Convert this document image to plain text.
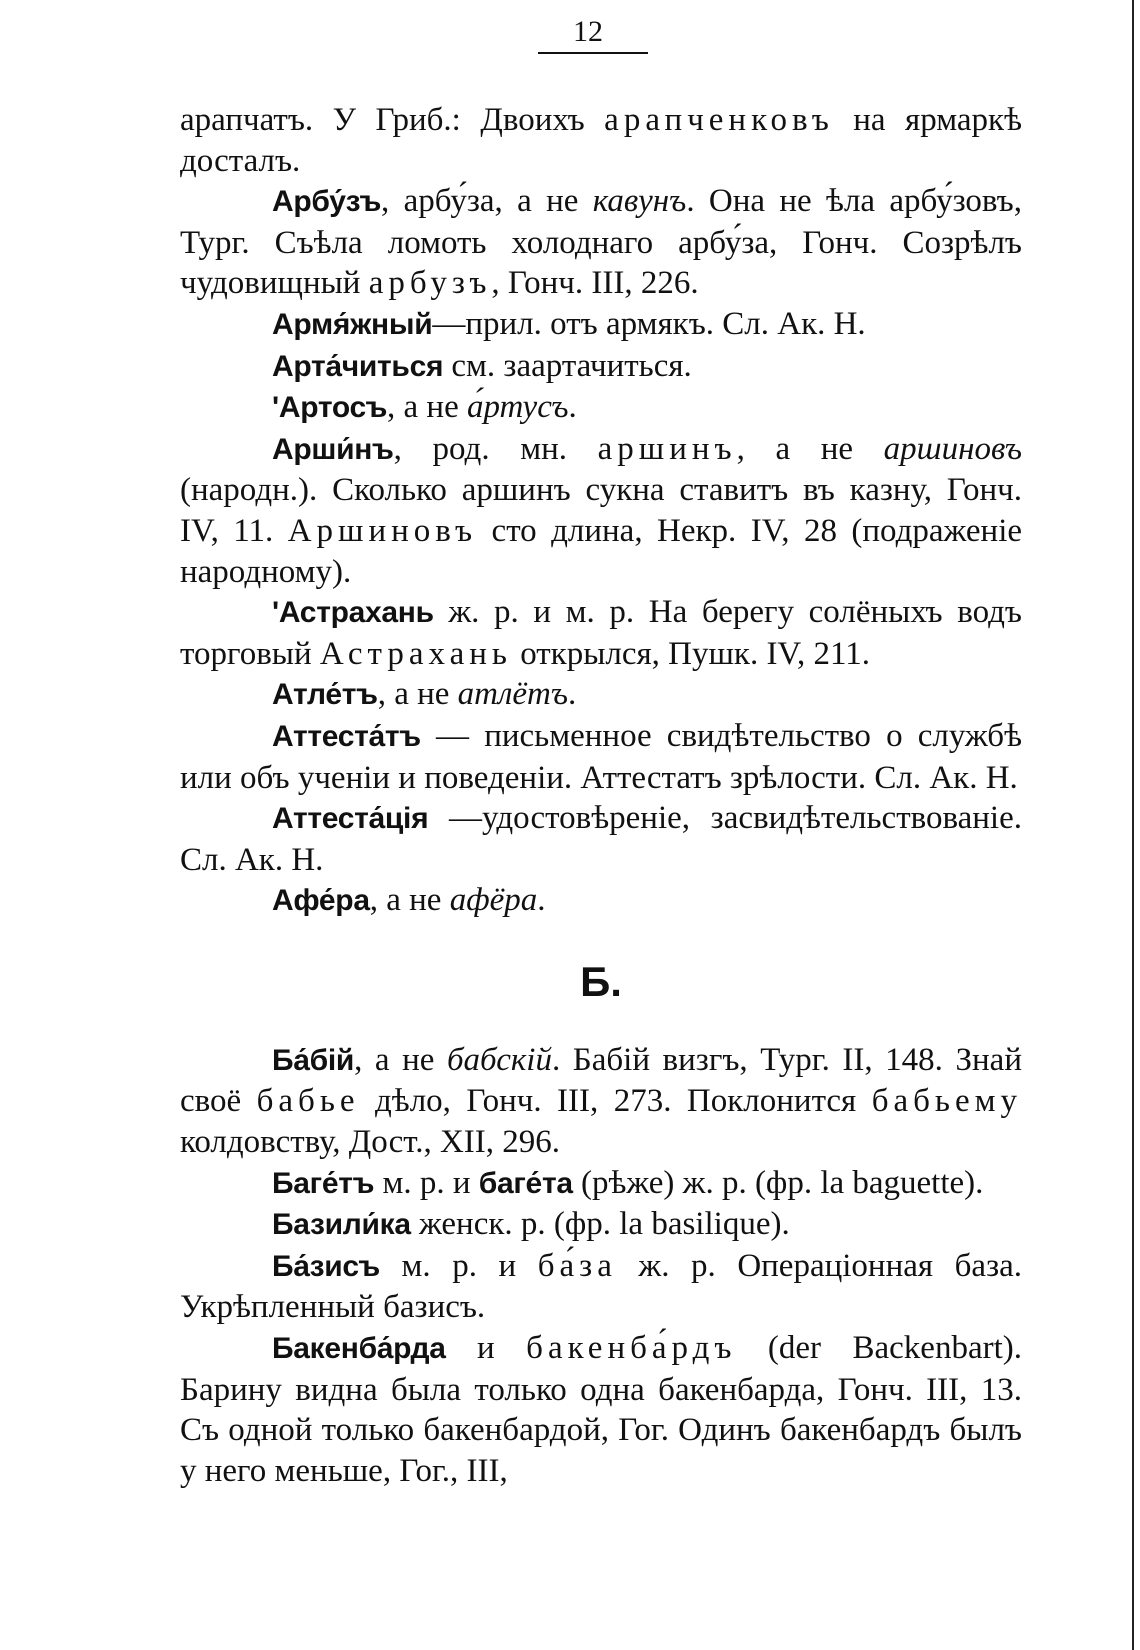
12

арапчатъ. У Гриб.: Двоихъ арапченковъ на ярмаркѣ досталъ.

Арбу́зъ, арбу́за, а не кавунъ. Она не ѣла арбу́зовъ, Тург. Съѣла ломоть холоднаго арбу́за, Гонч. Созрѣлъ чудовищный арбузъ, Гонч. III, 226.

Армя́жный—прил. отъ армякъ. Сл. Ак. Н.

Арта́читься см. заартачиться.

'Артосъ, а не а́ртусъ.

Арши́нъ, род. мн. аршинъ, а не аршиновъ (народн.). Сколько аршинъ сукна ставитъ въ казну, Гонч. IV, 11. Аршиновъ сто длина, Некр. IV, 28 (подраженіе народному).

'Астрахань ж. р. и м. р. На берегу солёныхъ водъ торговый Астрахань открылся, Пушк. IV, 211.

Атле́тъ, а не атлётъ.

Аттеста́тъ — письменное свидѣтельство о службѣ или объ ученіи и поведеніи. Аттестатъ зрѣлости. Сл. Ак. Н.

Аттеста́ція —удостовѣреніе, засвидѣтельствованіе. Сл. Ак. Н.

Афе́ра, а не афёра.

Б.

Ба́бій, а не бабскій. Бабій визгъ, Тург. II, 148. Знай своё бабье дѣло, Гонч. III, 273. Поклонится бабьему колдовству, Дост., XII, 296.

Баге́тъ м. р. и баге́та (рѣже) ж. р. (фр. la baguette).

Базили́ка женск. р. (фр. la basilique).

Ба́зисъ м. р. и ба́за ж. р. Операціонная база. Укрѣпленный базисъ.

Бакенба́рда и бакенба́рдъ (der Backenbart). Барину видна была только одна бакенбарда, Гонч. III, 13. Съ одной только бакенбардой, Гог. Одинъ бакенбардъ былъ у него меньше, Гог., III,
